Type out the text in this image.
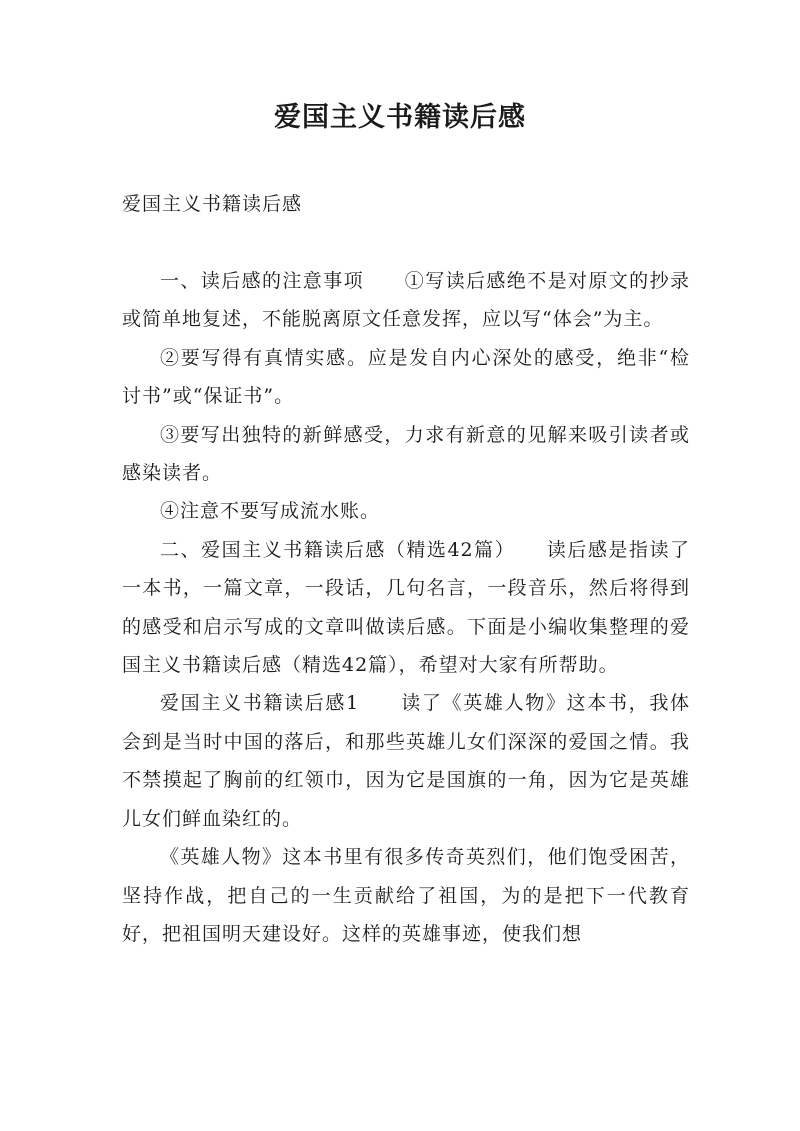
爱国主义书籍读后感
爱国主义书籍读后感

一、读后感的注意事项　　①写读后感绝不是对原文的抄录或简单地复述，不能脱离原文任意发挥，应以写“体会”为主。

②要写得有真情实感。应是发自内心深处的感受，绝非“检讨书”或“保证书”。

③要写出独特的新鲜感受，力求有新意的见解来吸引读者或感染读者。

④注意不要写成流水账。

二、爱国主义书籍读后感（精选42篇）　　读后感是指读了一本书，一篇文章，一段话，几句名言，一段音乐，然后将得到的感受和启示写成的文章叫做读后感。下面是小编收集整理的爱国主义书籍读后感（精选42篇），希望对大家有所帮助。

爱国主义书籍读后感1　　读了《英雄人物》这本书，我体会到是当时中国的落后，和那些英雄儿女们深深的爱国之情。我不禁摸起了胸前的红领巾，因为它是国旗的一角，因为它是英雄儿女们鲜血染红的。

《英雄人物》这本书里有很多传奇英烈们，他们饱受困苦，坚持作战，把自己的一生贡献给了祖国，为的是把下一代教育好，把祖国明天建设好。这样的英雄事迹，使我们想
